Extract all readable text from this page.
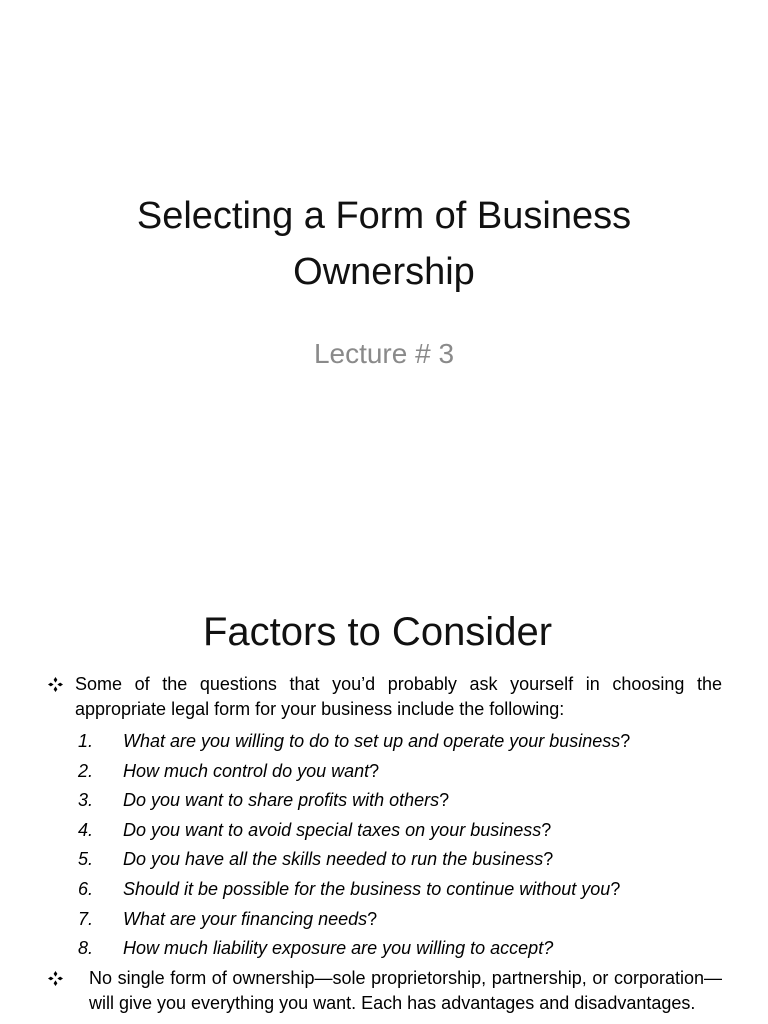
Selecting a Form of Business
Ownership
Lecture # 3
Factors to Consider
Some of the questions that you’d probably ask yourself in choosing the appropriate legal form for your business include the following:
1.	What are you willing to do to set up and operate your business ?
2.	How much control do you want ?
3.	Do you want to share profits with others ?
4.	Do you want to avoid special taxes on your business ?
5.	Do you have all the skills needed to run the business ?
6.	Should it be possible for the business to continue without you ?
7.	What are your financing needs ?
8.	How much liability exposure are you willing to accept?
No single form of ownership—sole proprietorship, partnership, or corporation—will give you everything you want. Each has advantages and disadvantages.
